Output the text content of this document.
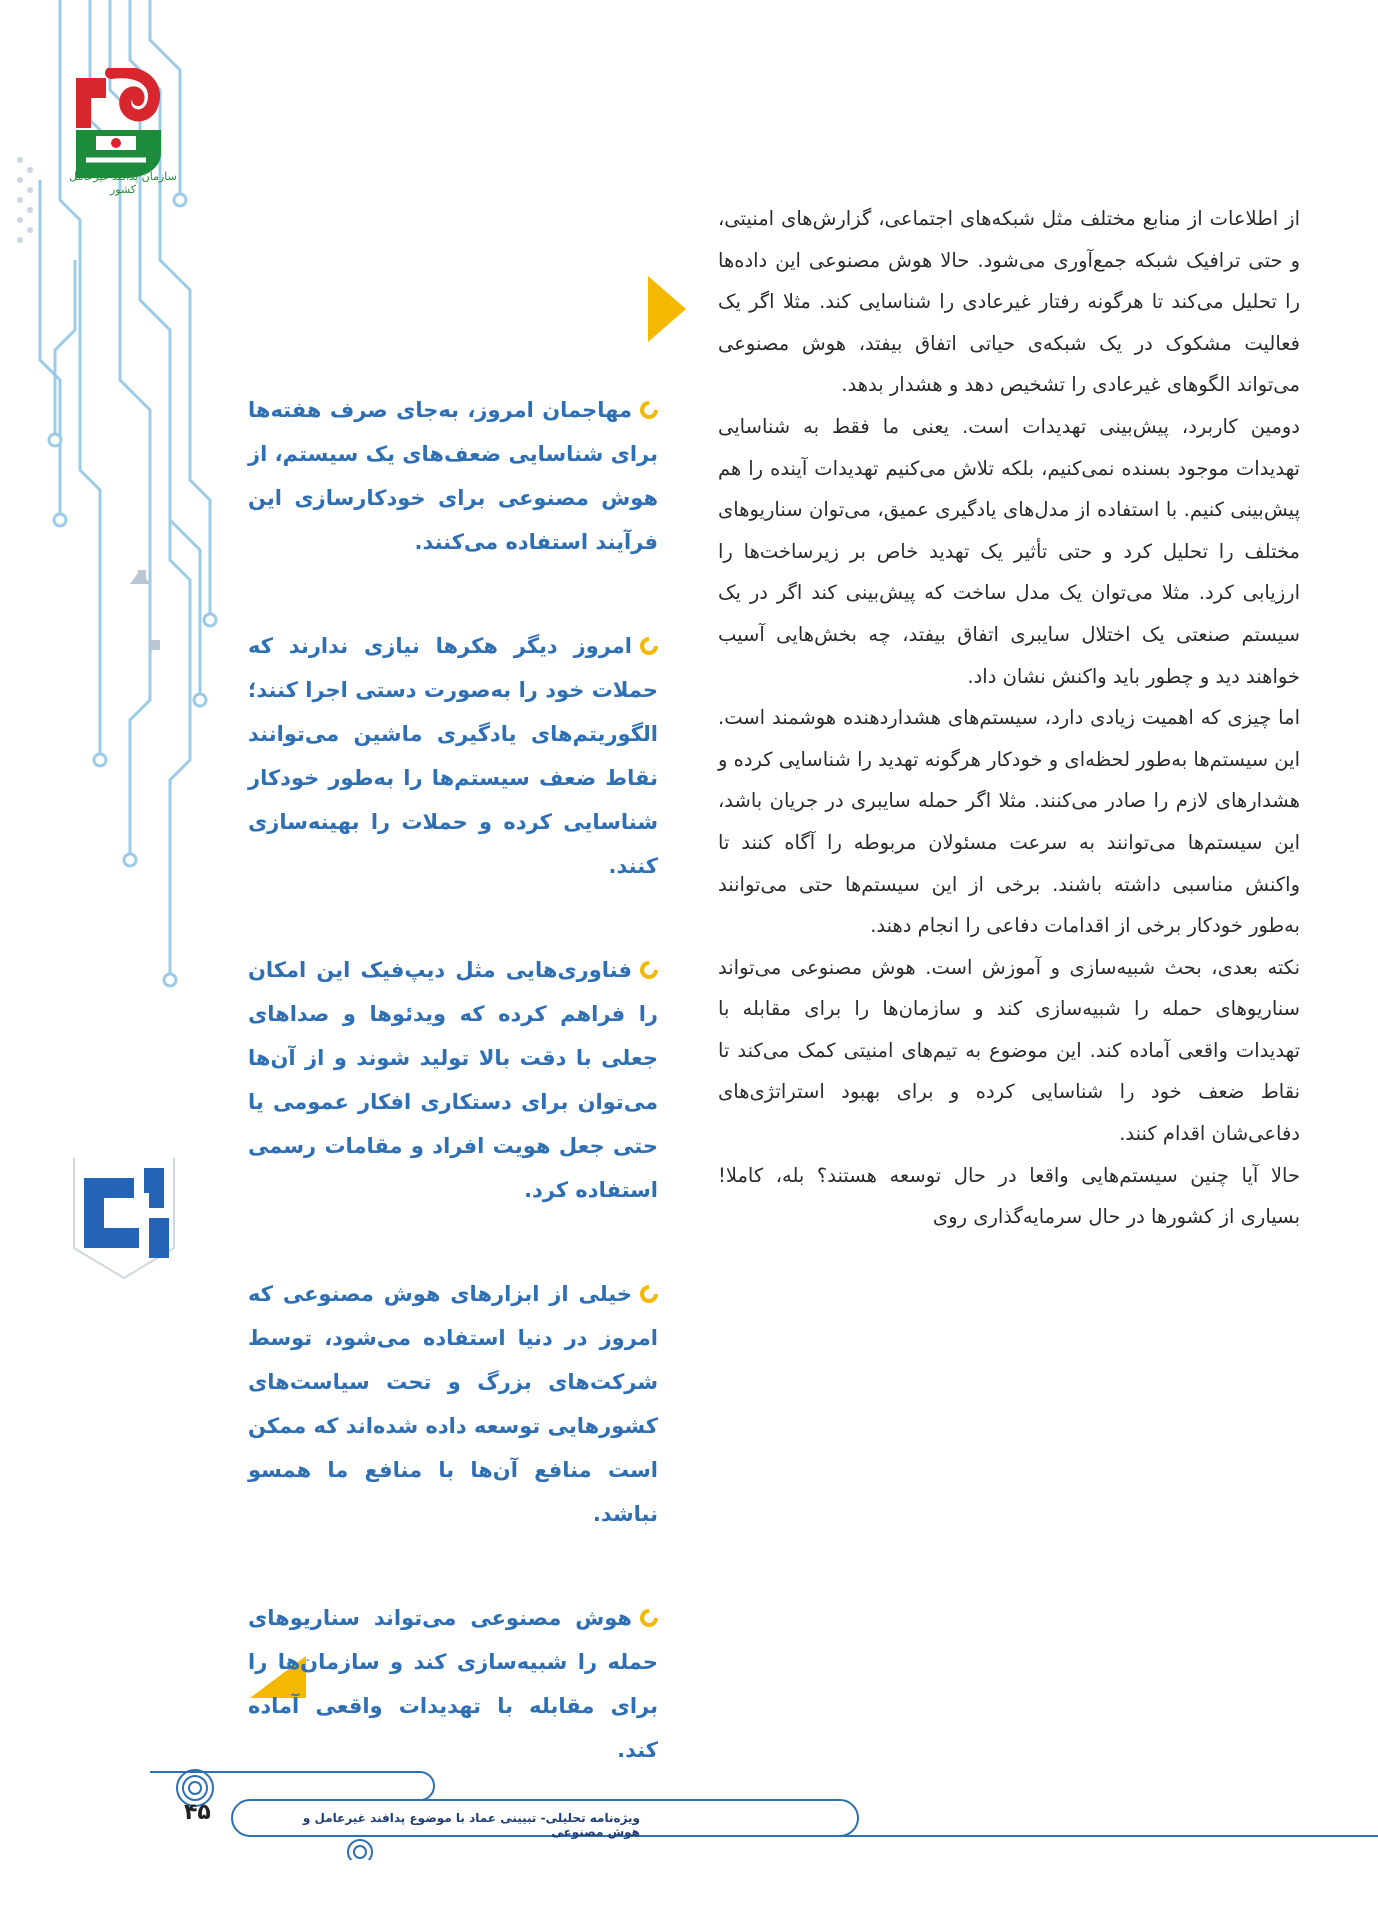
سازمان پدافند غیرعامل کشور

از اطلاعات از منابع مختلف مثل شبکه‌های اجتماعی، گزارش‌های امنیتی، و حتی ترافیک شبکه جمع‌آوری می‌شود. حالا هوش مصنوعی این داده‌ها را تحلیل می‌کند تا هرگونه رفتار غیرعادی را شناسایی کند. مثلا اگر یک فعالیت مشکوک در یک شبکه‌ی حیاتی اتفاق بیفتد، هوش مصنوعی می‌تواند الگوهای غیرعادی را تشخیص دهد و هشدار بدهد.

دومین کاربرد، پیش‌بینی تهدیدات است. یعنی ما فقط به شناسایی تهدیدات موجود بسنده نمی‌کنیم، بلکه تلاش می‌کنیم تهدیدات آینده را هم پیش‌بینی کنیم. با استفاده از مدل‌های یادگیری عمیق، می‌توان سناریوهای مختلف را تحلیل کرد و حتی تأثیر یک تهدید خاص بر زیرساخت‌ها را ارزیابی کرد. مثلا می‌توان یک مدل ساخت که پیش‌بینی کند اگر در یک سیستم صنعتی یک اختلال سایبری اتفاق بیفتد، چه بخش‌هایی آسیب خواهند دید و چطور باید واکنش نشان داد.

اما چیزی که اهمیت زیادی دارد، سیستم‌های هشداردهنده هوشمند است. این سیستم‌ها به‌طور لحظه‌ای و خودکار هرگونه تهدید را شناسایی کرده و هشدارهای لازم را صادر می‌کنند. مثلا اگر حمله سایبری در جریان باشد، این سیستم‌ها می‌توانند به سرعت مسئولان مربوطه را آگاه کنند تا واکنش مناسبی داشته باشند. برخی از این سیستم‌ها حتی می‌توانند به‌طور خودکار برخی از اقدامات دفاعی را انجام دهند.

نکته بعدی، بحث شبیه‌سازی و آموزش است. هوش مصنوعی می‌تواند سناریوهای حمله را شبیه‌سازی کند و سازمان‌ها را برای مقابله با تهدیدات واقعی آماده کند. این موضوع به تیم‌های امنیتی کمک می‌کند تا نقاط ضعف خود را شناسایی کرده و برای بهبود استراتژی‌های دفاعی‌شان اقدام کنند.

حالا آیا چنین سیستم‌هایی واقعا در حال توسعه هستند؟ بله، کاملا! بسیاری از کشورها در حال سرمایه‌گذاری روی

مهاجمان امروز، به‌جای صرف هفته‌ها برای شناسایی ضعف‌های یک سیستم، از هوش مصنوعی برای خودکارسازی این فرآیند استفاده می‌کنند.
امروز دیگر هکرها نیازی ندارند که حملات خود را به‌صورت دستی اجرا کنند؛ الگوریتم‌های یادگیری ماشین می‌توانند نقاط ضعف سیستم‌ها را به‌طور خودکار شناسایی کرده و حملات را بهینه‌سازی کنند.
فناوری‌هایی مثل دیپ‌فیک این امکان را فراهم کرده که ویدئوها و صداهای جعلی با دقت بالا تولید شوند و از آن‌ها می‌توان برای دستکاری افکار عمومی یا حتی جعل هویت افراد و مقامات رسمی استفاده کرد.
خیلی از ابزارهای هوش مصنوعی که امروز در دنیا استفاده می‌شود، توسط شرکت‌های بزرگ و تحت سیاست‌های کشورهایی توسعه داده شده‌اند که ممکن است منافع آن‌ها با منافع ما همسو نباشد.
هوش مصنوعی می‌تواند سناریوهای حمله را شبیه‌سازی کند و سازمان‌ها را برای مقابله با تهدیدات واقعی آماده کند.
۴۵	ویژه‌نامه تحلیلی- تبیینی عماد با موضوع پدافند غیرعامل و هوش مصنوعی
